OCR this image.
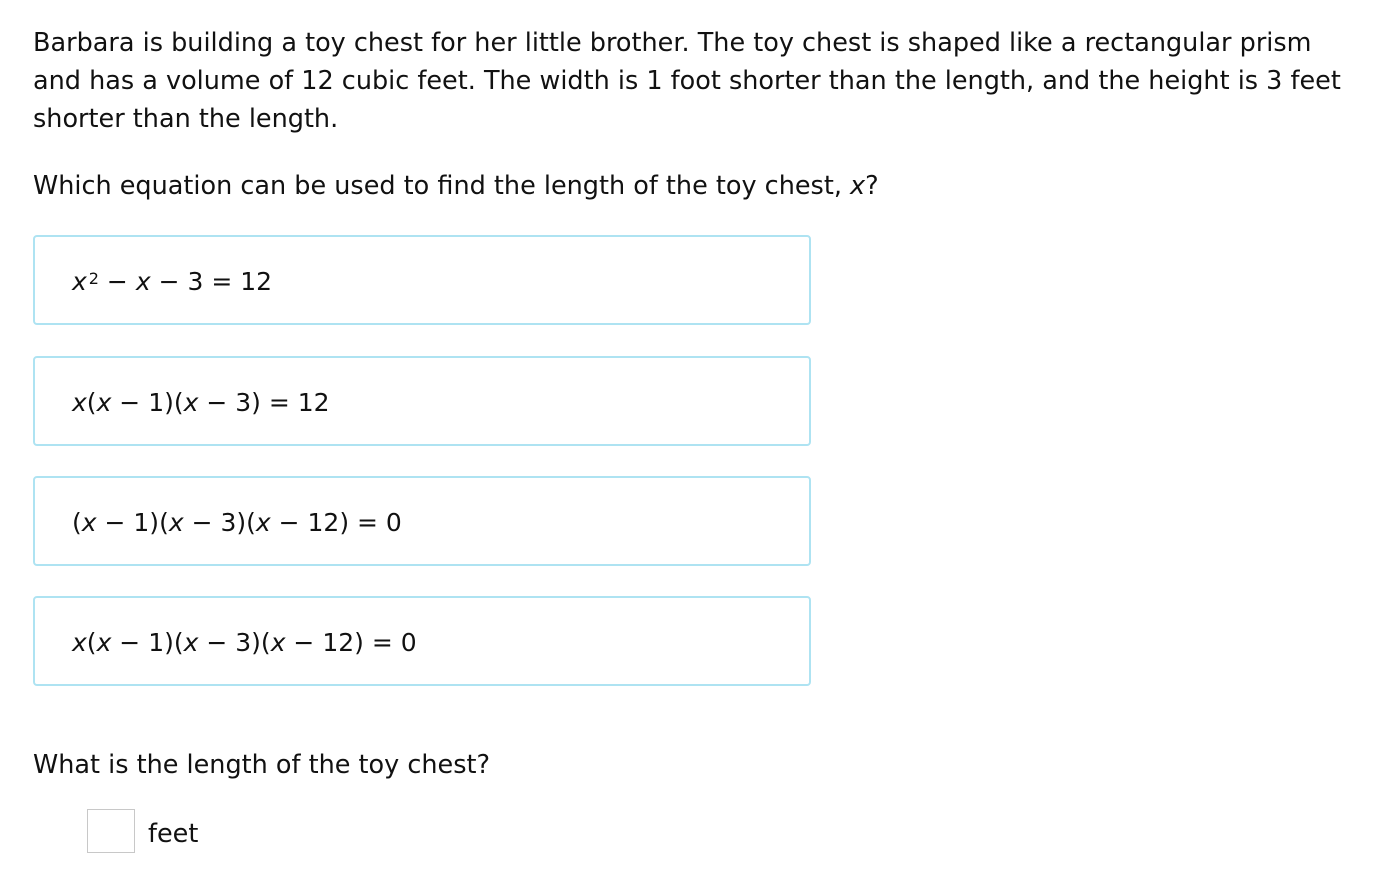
Barbara is building a toy chest for her little brother. The toy chest is shaped like a rectangular prism and has a volume of 12 cubic feet. The width is 1 foot shorter than the length, and the height is 3 feet shorter than the length.

Which equation can be used to find the length of the toy chest, x?

x $^2$ − x − 3 = 12
x(x − 1)(x − 3) = 12
(x − 1)(x − 3)(x − 12) = 0
x(x − 1)(x − 3)(x − 12) = 0

What is the length of the toy chest?

feet
